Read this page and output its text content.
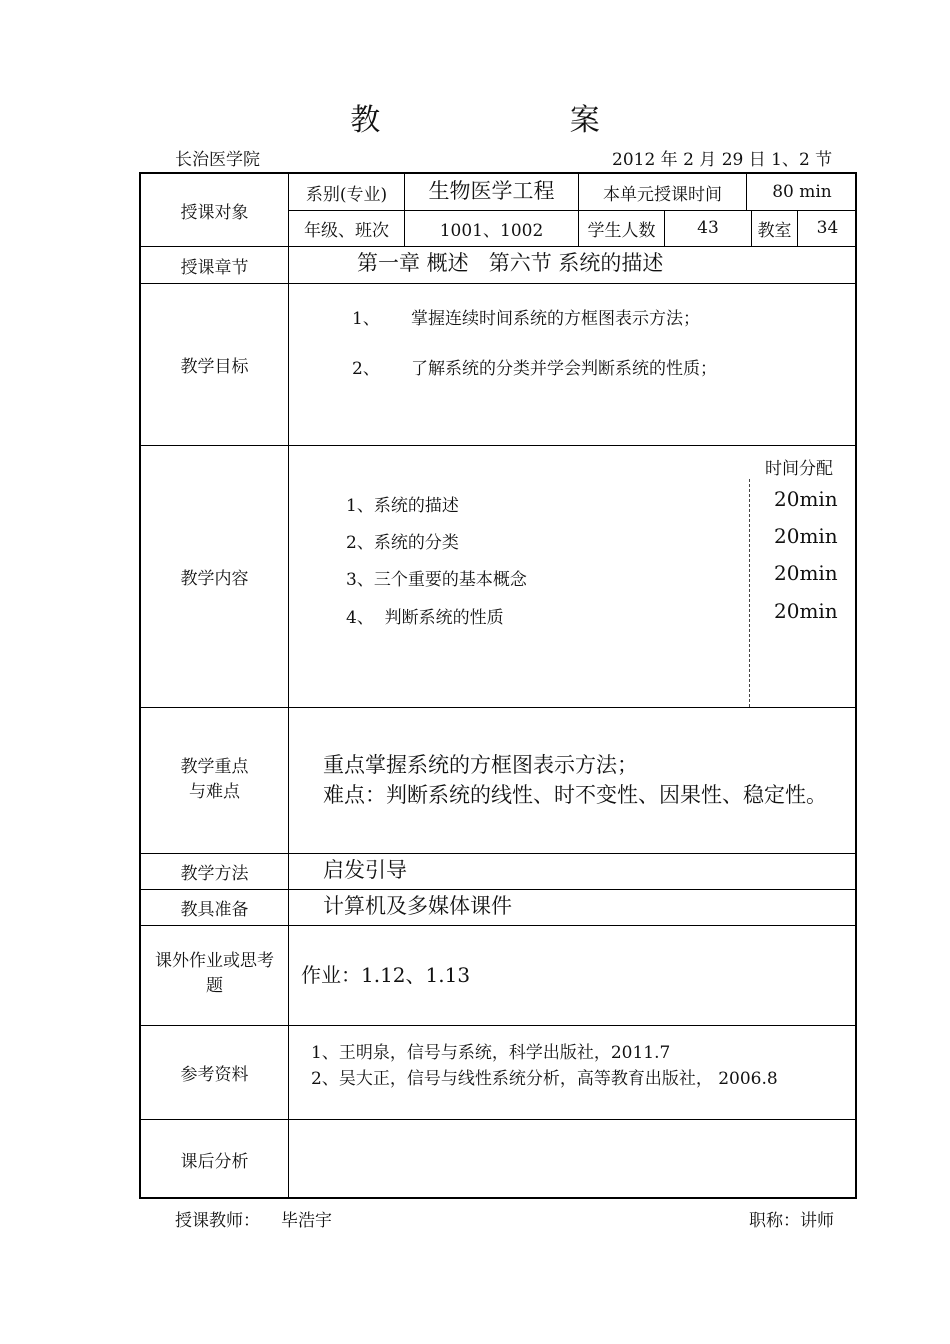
教 案
长治医学院	2012 年 2 月 29 日 1、2 节
授课对象
系别(专业)	生物医学工程	本单元授课时间	80 min
年级、班次	1001、1002	学生人数	43	教室	34
授课章节	第一章 概述   第六节 系统的描述
教学目标
1、 掌握连续时间系统的方框图表示方法；
2、 了解系统的分类并学会判断系统的性质；
教学内容
时间分配
1、系统的描述	20min
2、系统的分类	20min
3、三个重要的基本概念	20min
4、  判断系统的性质	20min
教学重点
与难点
重点掌握系统的方框图表示方法；
难点：判断系统的线性、时不变性、因果性、稳定性。
教学方法	启发引导
教具准备	计算机及多媒体课件
课外作业或思考
题	作业：1.12、1.13
参考资料
1、王明泉，信号与系统，科学出版社，2011.7
2、吴大正，信号与线性系统分析，高等教育出版社， 2006.8
课后分析
授课教师： 毕浩宇	职称：讲师
